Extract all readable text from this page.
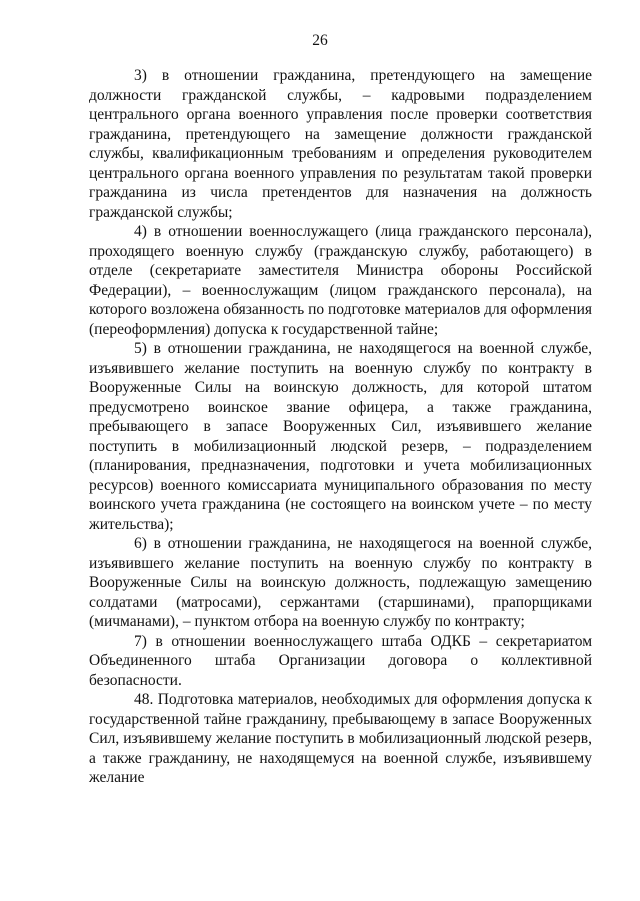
26

3) в отношении гражданина, претендующего на замещение должности гражданской службы, – кадровыми подразделением центрального органа военного управления после проверки соответствия гражданина, претендующего на замещение должности гражданской службы, квалификационным требованиям и определения руководителем центрального органа военного управления по результатам такой проверки гражданина из числа претендентов для назначения на должность гражданской службы;

4) в отношении военнослужащего (лица гражданского персонала), проходящего военную службу (гражданскую службу, работающего) в отделе (секретариате заместителя Министра обороны Российской Федерации), – военнослужащим (лицом гражданского персонала), на которого возложена обязанность по подготовке материалов для оформления (переоформления) допуска к государственной тайне;

5) в отношении гражданина, не находящегося на военной службе, изъявившего желание поступить на военную службу по контракту в Вооруженные Силы на воинскую должность, для которой штатом предусмотрено воинское звание офицера, а также гражданина, пребывающего в запасе Вооруженных Сил, изъявившего желание поступить в мобилизационный людской резерв, – подразделением (планирования, предназначения, подготовки и учета мобилизационных ресурсов) военного комиссариата муниципального образования по месту воинского учета гражданина (не состоящего на воинском учете – по месту жительства);

6) в отношении гражданина, не находящегося на военной службе, изъявившего желание поступить на военную службу по контракту в Вооруженные Силы на воинскую должность, подлежащую замещению солдатами (матросами), сержантами (старшинами), прапорщиками (мичманами), – пунктом отбора на военную службу по контракту;

7) в отношении военнослужащего штаба ОДКБ – секретариатом Объединенного штаба Организации договора о коллективной безопасности.

48. Подготовка материалов, необходимых для оформления допуска к государственной тайне гражданину, пребывающему в запасе Вооруженных Сил, изъявившему желание поступить в мобилизационный людской резерв, а также гражданину, не находящемуся на военной службе, изъявившему желание
